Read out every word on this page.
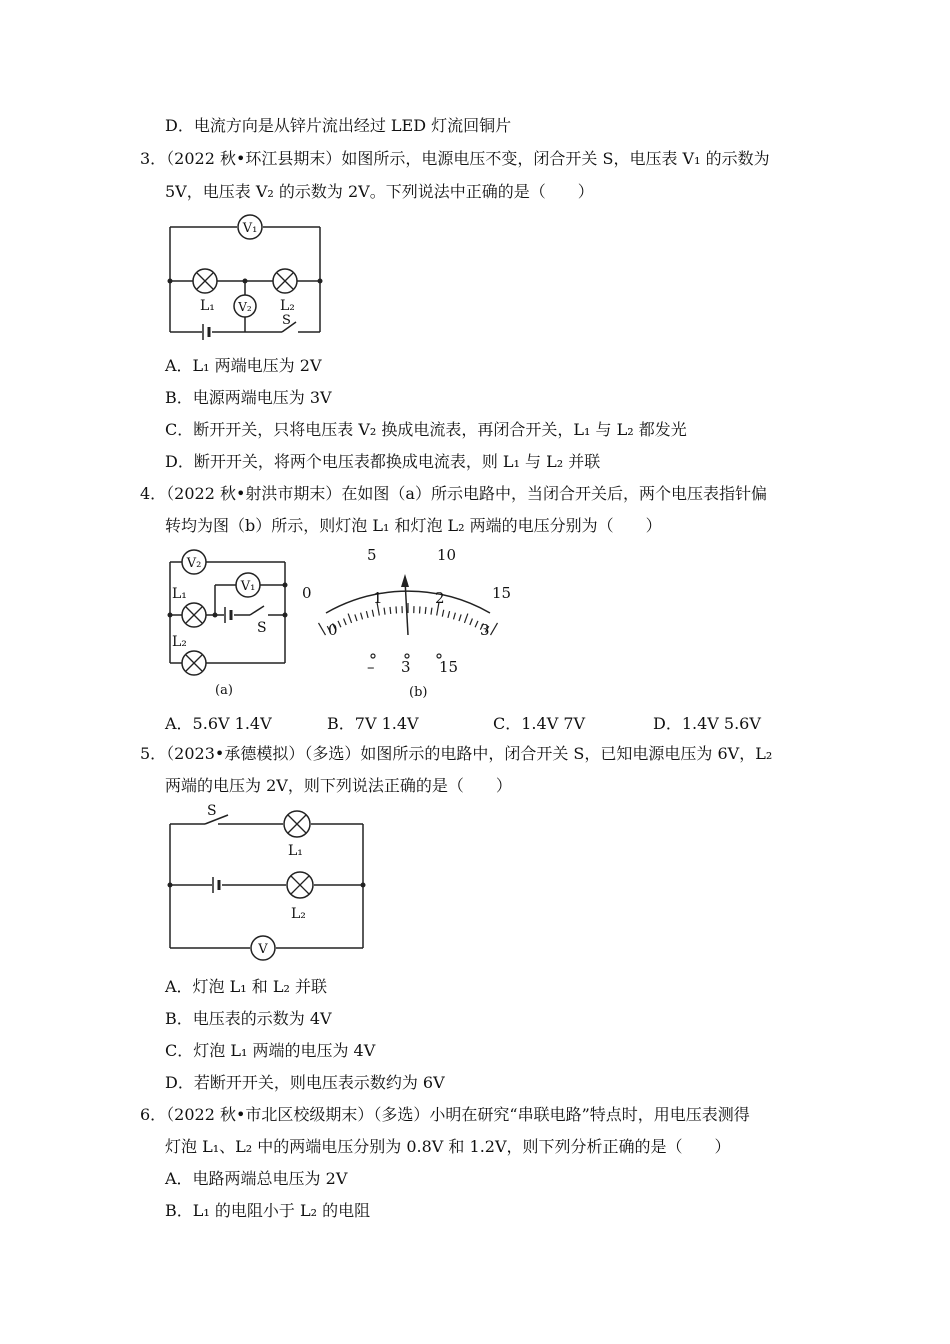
D．电流方向是从锌片流出经过 LED 灯流回铜片
3．（2022 秋•环江县期末）如图所示，电源电压不变，闭合开关 S，电压表 V₁ 的示数为
5V，电压表 V₂ 的示数为 2V。下列说法中正确的是（　　）
V₁
L₁	L₂
V₂
S
A．L₁ 两端电压为 2V
B．电源两端电压为 3V
C．断开开关，只将电压表 V₂ 换成电流表，再闭合开关，L₁ 与 L₂ 都发光
D．断开开关，将两个电压表都换成电流表，则 L₁ 与 L₂ 并联
4．（2022 秋•射洪市期末）在如图（a）所示电路中，当闭合开关后，两个电压表指针偏
转均为图（b）所示，则灯泡 L₁ 和灯泡 L₂ 两端的电压分别为（　　）
V₂
V₁
L₁
L₂
S
(a)
0
5	10
15
0
1	2
3
– 3 15
(b)
A．5.6V 1.4V	B．7V 1.4V	C．1.4V 7V	D．1.4V 5.6V
5．（2023•承德模拟）（多选）如图所示的电路中，闭合开关 S，已知电源电压为 6V，L₂
两端的电压为 2V，则下列说法正确的是（　　）
S
L₁
L₂
V
A．灯泡 L₁ 和 L₂ 并联
B．电压表的示数为 4V
C．灯泡 L₁ 两端的电压为 4V
D．若断开开关，则电压表示数约为 6V
6．（2022 秋•市北区校级期末）（多选）小明在研究“串联电路”特点时，用电压表测得
灯泡 L₁、L₂ 中的两端电压分别为 0.8V 和 1.2V，则下列分析正确的是（　　）
A．电路两端总电压为 2V
B．L₁ 的电阻小于 L₂ 的电阻
